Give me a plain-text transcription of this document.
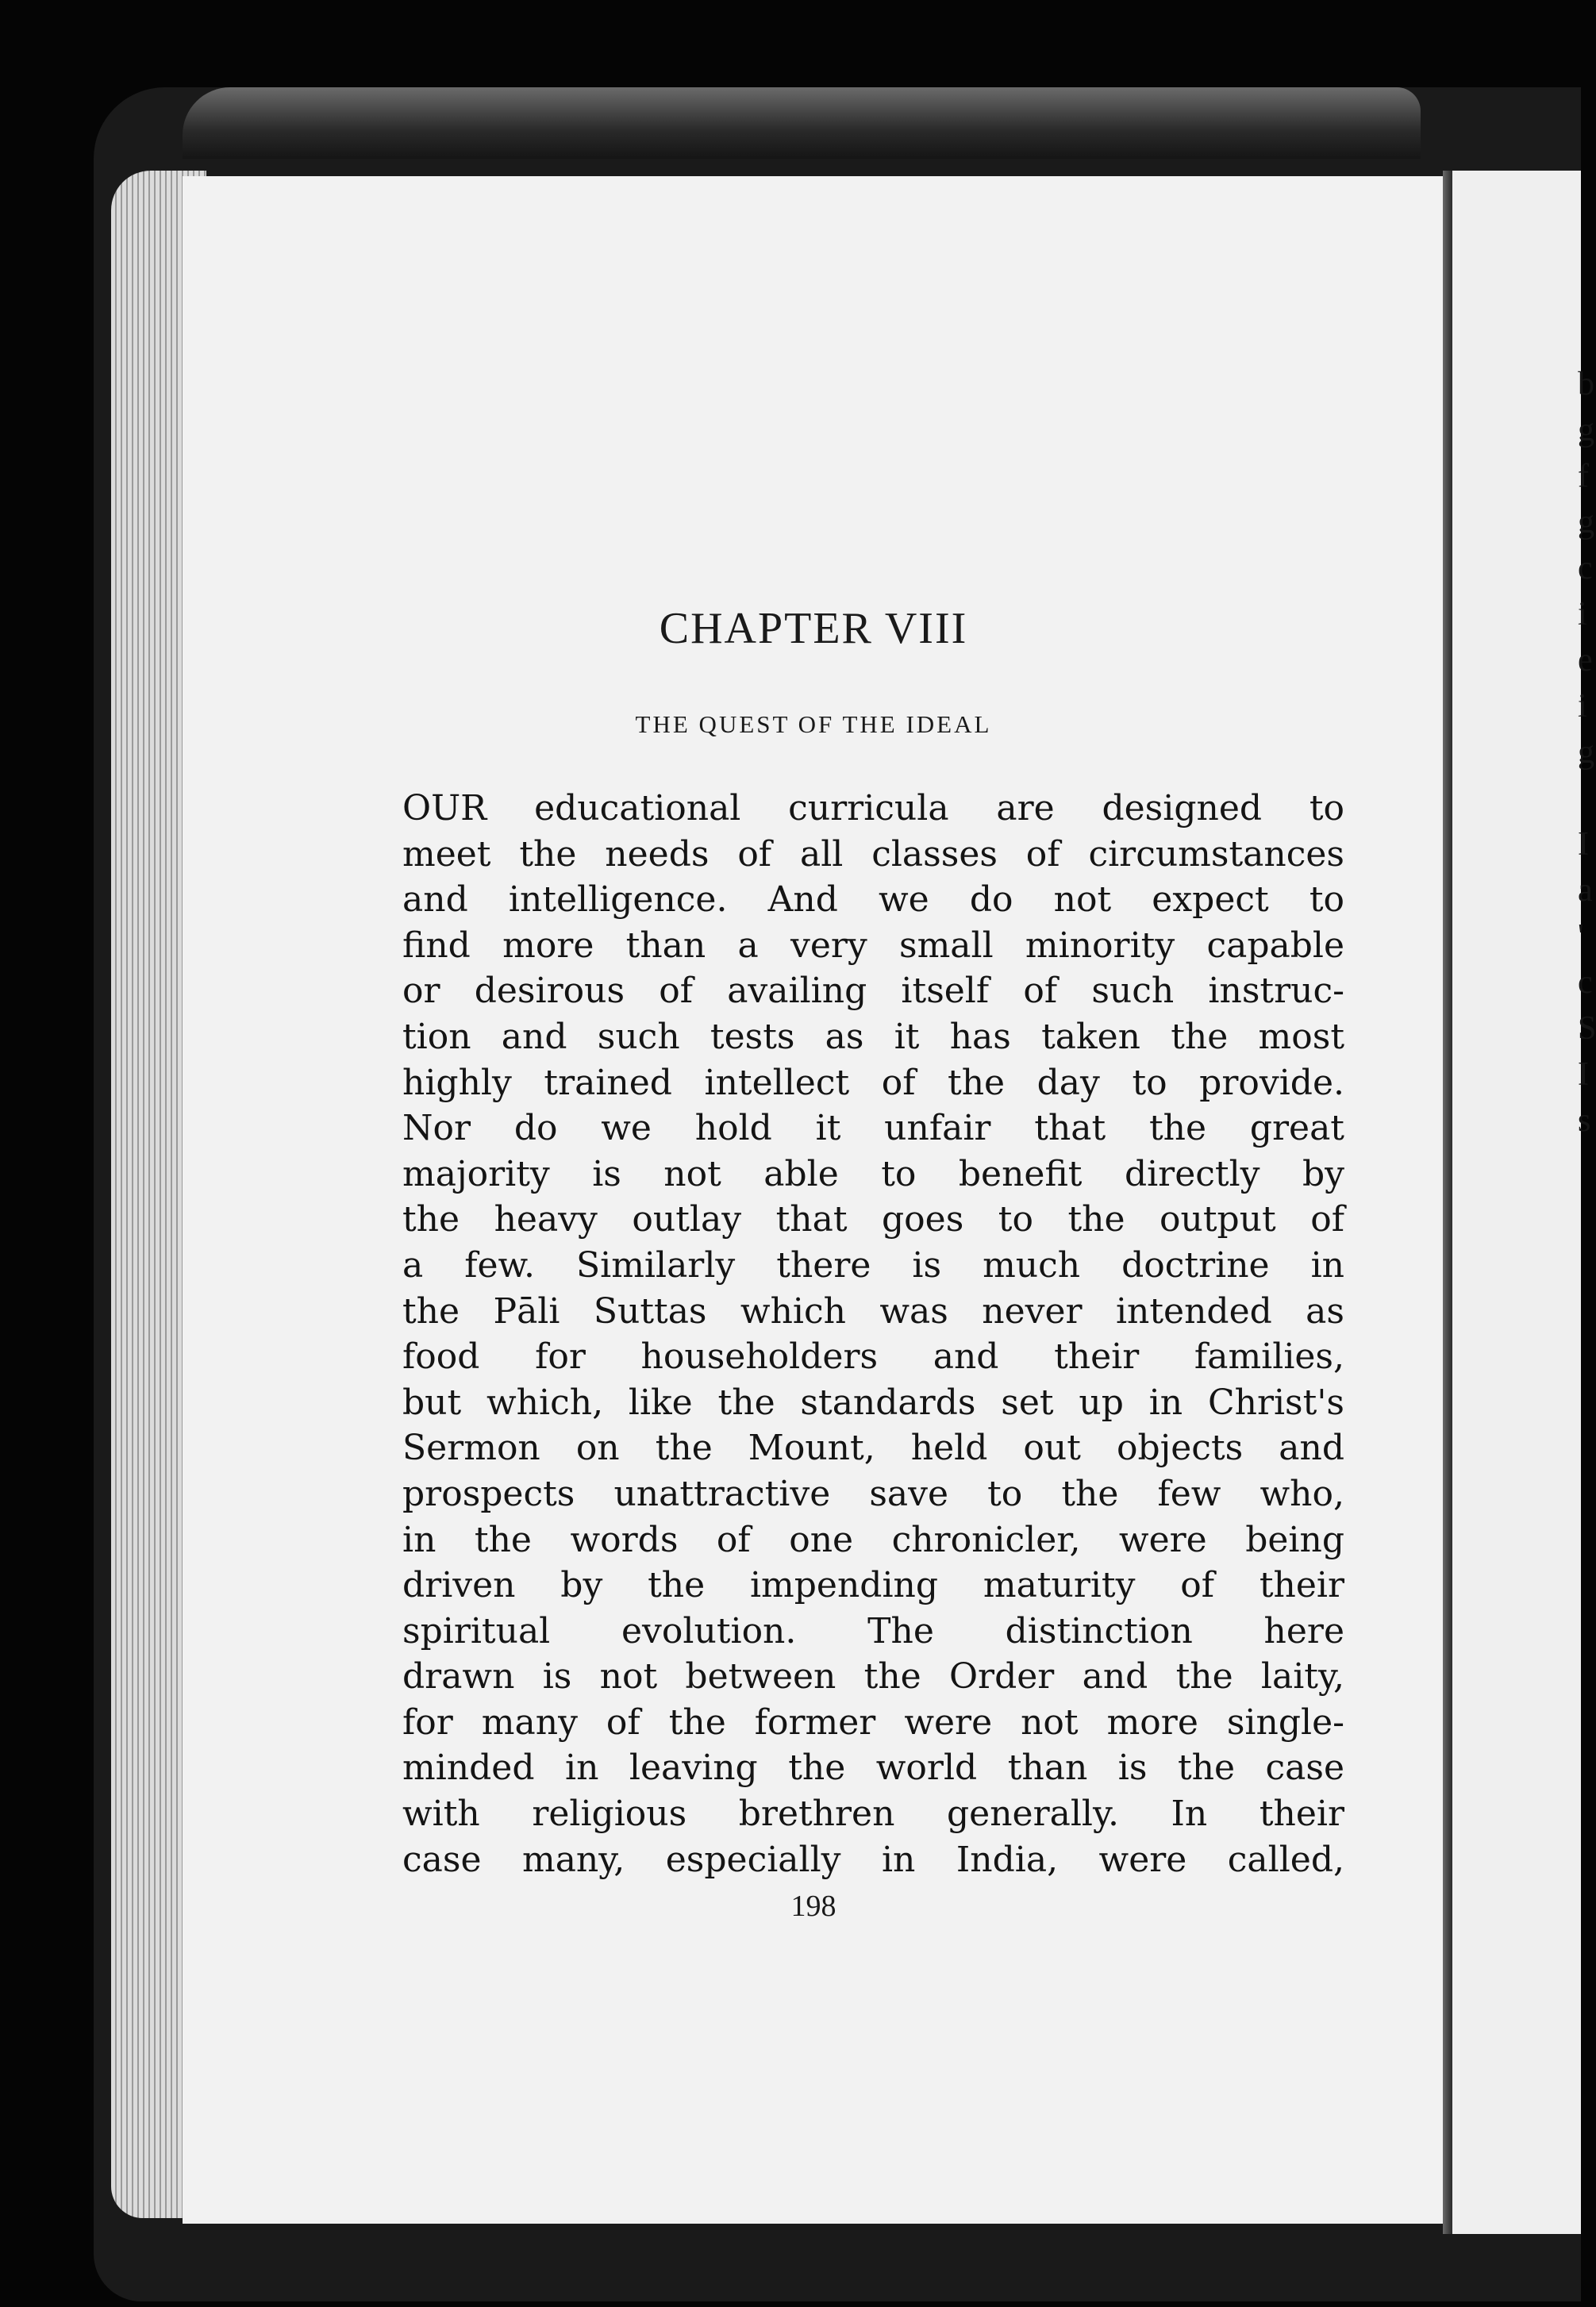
b
g
f
g
c
i
e
i
g
I
a
'
c
S
I
s
CHAPTER VIII
THE QUEST OF THE IDEAL
OUR educational curricula are designed to
meet the needs of all classes of circumstances
and intelligence. And we do not expect to
find more than a very small minority capable
or desirous of availing itself of such instruc-
tion and such tests as it has taken the most
highly trained intellect of the day to provide.
Nor do we hold it unfair that the great
majority is not able to benefit directly by
the heavy outlay that goes to the output of
a few. Similarly there is much doctrine in
the Pāli Suttas which was never intended as
food for householders and their families,
but which, like the standards set up in Christ's
Sermon on the Mount, held out objects and
prospects unattractive save to the few who,
in the words of one chronicler, were being
driven by the impending maturity of their
spiritual evolution. The distinction here
drawn is not between the Order and the laity,
for many of the former were not more single-
minded in leaving the world than is the case
with religious brethren generally. In their
case many, especially in India, were called,
198
